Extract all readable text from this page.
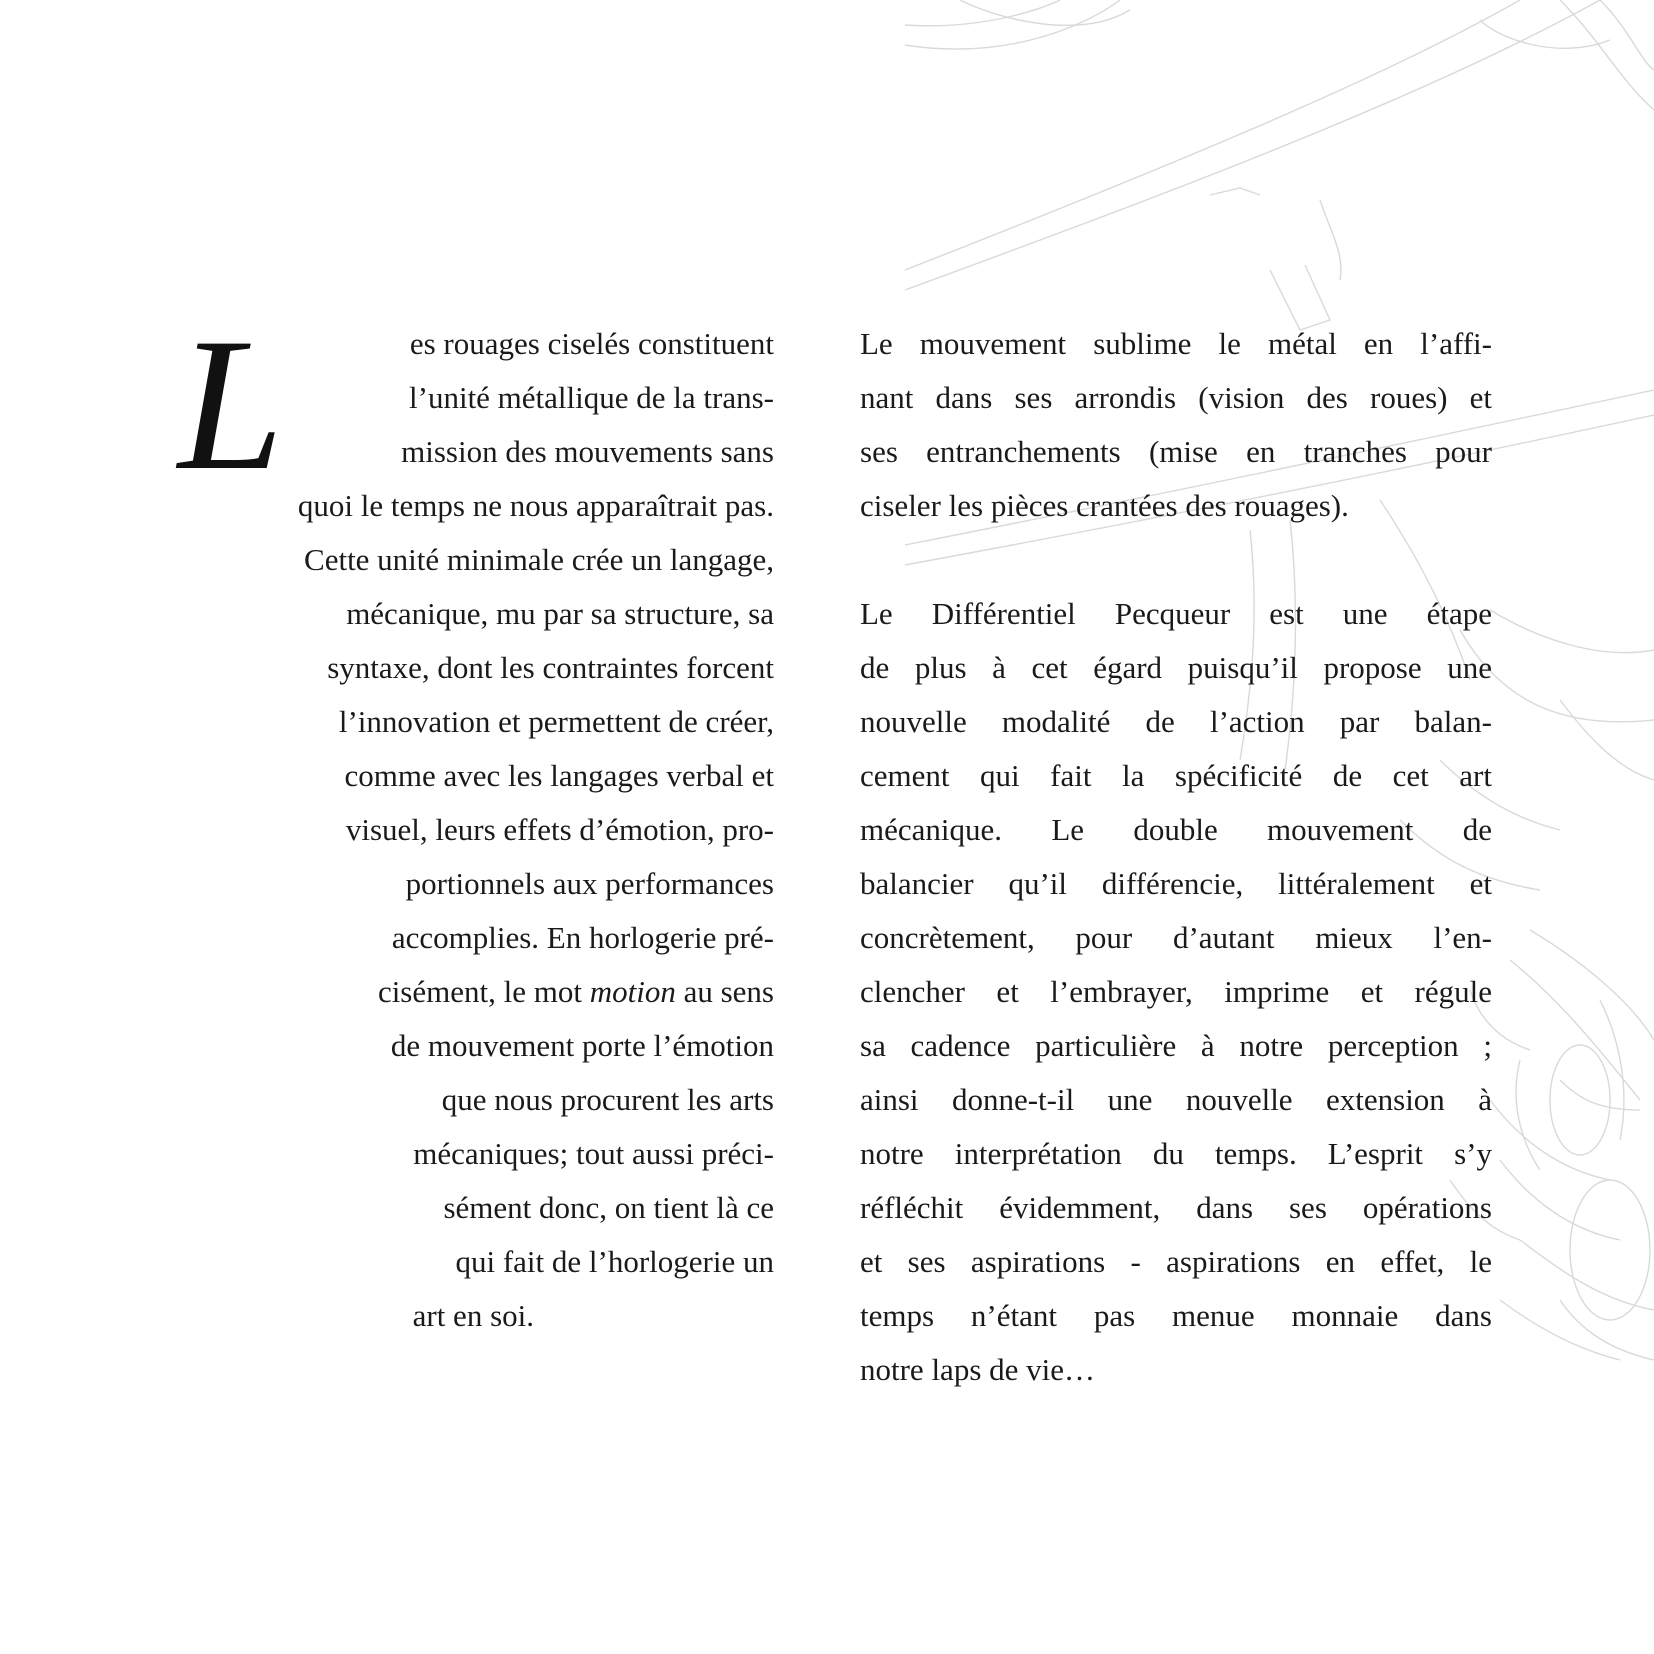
L	es rouages ciselés constituent
l’unité métallique de la trans-
mission des mouvements sans
quoi le temps ne nous apparaîtrait pas.
Cette unité minimale crée un langage,
mécanique, mu par sa structure, sa
syntaxe, dont les contraintes forcent
l’innovation et permettent de créer,
comme avec les langages verbal et
visuel, leurs effets d’émotion, pro-
portionnels aux performances
accomplies. En horlogerie pré-
cisément, le mot motion au sens
de mouvement porte l’émotion
que nous procurent les arts
mécaniques; tout aussi préci-
sément donc, on tient là ce
qui fait de l’horlogerie un
art en soi.
Le mouvement sublime le métal en l’affi-
nant dans ses arrondis (vision des roues) et
ses entranchements (mise en tranches pour
ciseler les pièces crantées des rouages).
Le Différentiel Pecqueur est une étape
de plus à cet égard puisqu’il propose une
nouvelle modalité de l’action par balan-
cement qui fait la spécificité de cet art
mécanique. Le double mouvement de
balancier qu’il différencie, littéralement et
concrètement, pour d’autant mieux l’en-
clencher et l’embrayer, imprime et régule
sa cadence particulière à notre perception ;
ainsi donne-t-il une nouvelle extension à
notre interprétation du temps. L’esprit s’y
réfléchit évidemment, dans ses opérations
et ses aspirations - aspirations en effet, le
temps n’étant pas menue monnaie dans
notre laps de vie…
